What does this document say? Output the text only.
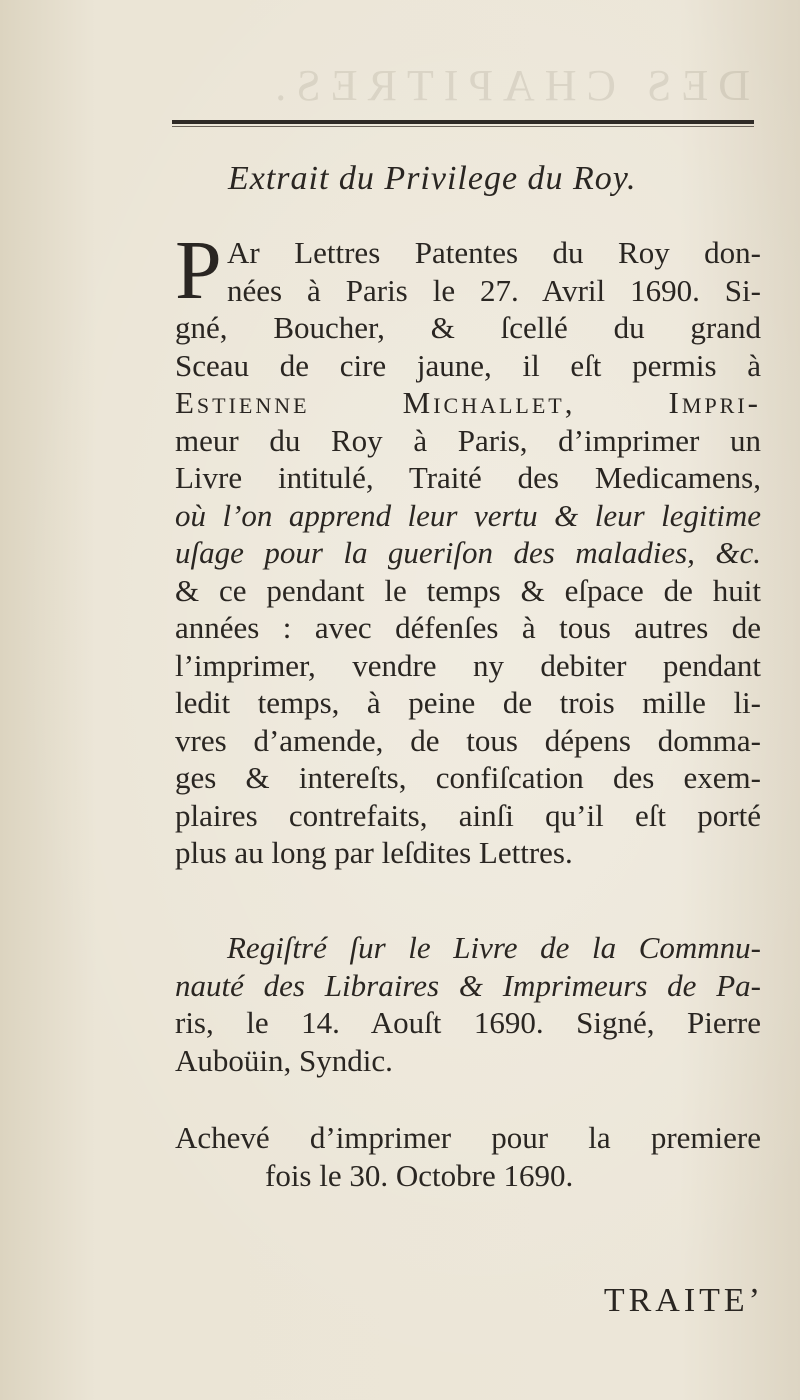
DES CHAPITRES.
Extrait du Privilege du Roy.
P Ar Lettres Patentes du Roy don-
nées à Paris le 27. Avril 1690. Si-
gné, Boucher, & ſcellé du grand
Sceau de cire jaune, il eſt permis à
Estienne Michallet, Impri-
meur du Roy à Paris, d’imprimer un
Livre intitulé, Traité des Medicamens,
où l’on apprend leur vertu & leur legitime
uſage pour la gueriſon des maladies, &c.
& ce pendant le temps & eſpace de huit
années : avec défenſes à tous autres de
l’imprimer, vendre ny debiter pendant
ledit temps, à peine de trois mille li-
vres d’amende, de tous dépens domma-
ges & intereſts, confiſcation des exem-
plaires contrefaits, ainſi qu’il eſt porté
plus au long par leſdites Lettres.
Regiſtré ſur le Livre de la Commnu-
nauté des Libraires & Imprimeurs de Pa-
ris, le 14. Aouſt 1690. Signé, Pierre
Auboüin, Syndic.
Achevé d’imprimer pour la premiere
fois le 30. Octobre 1690.
TRAITE’
